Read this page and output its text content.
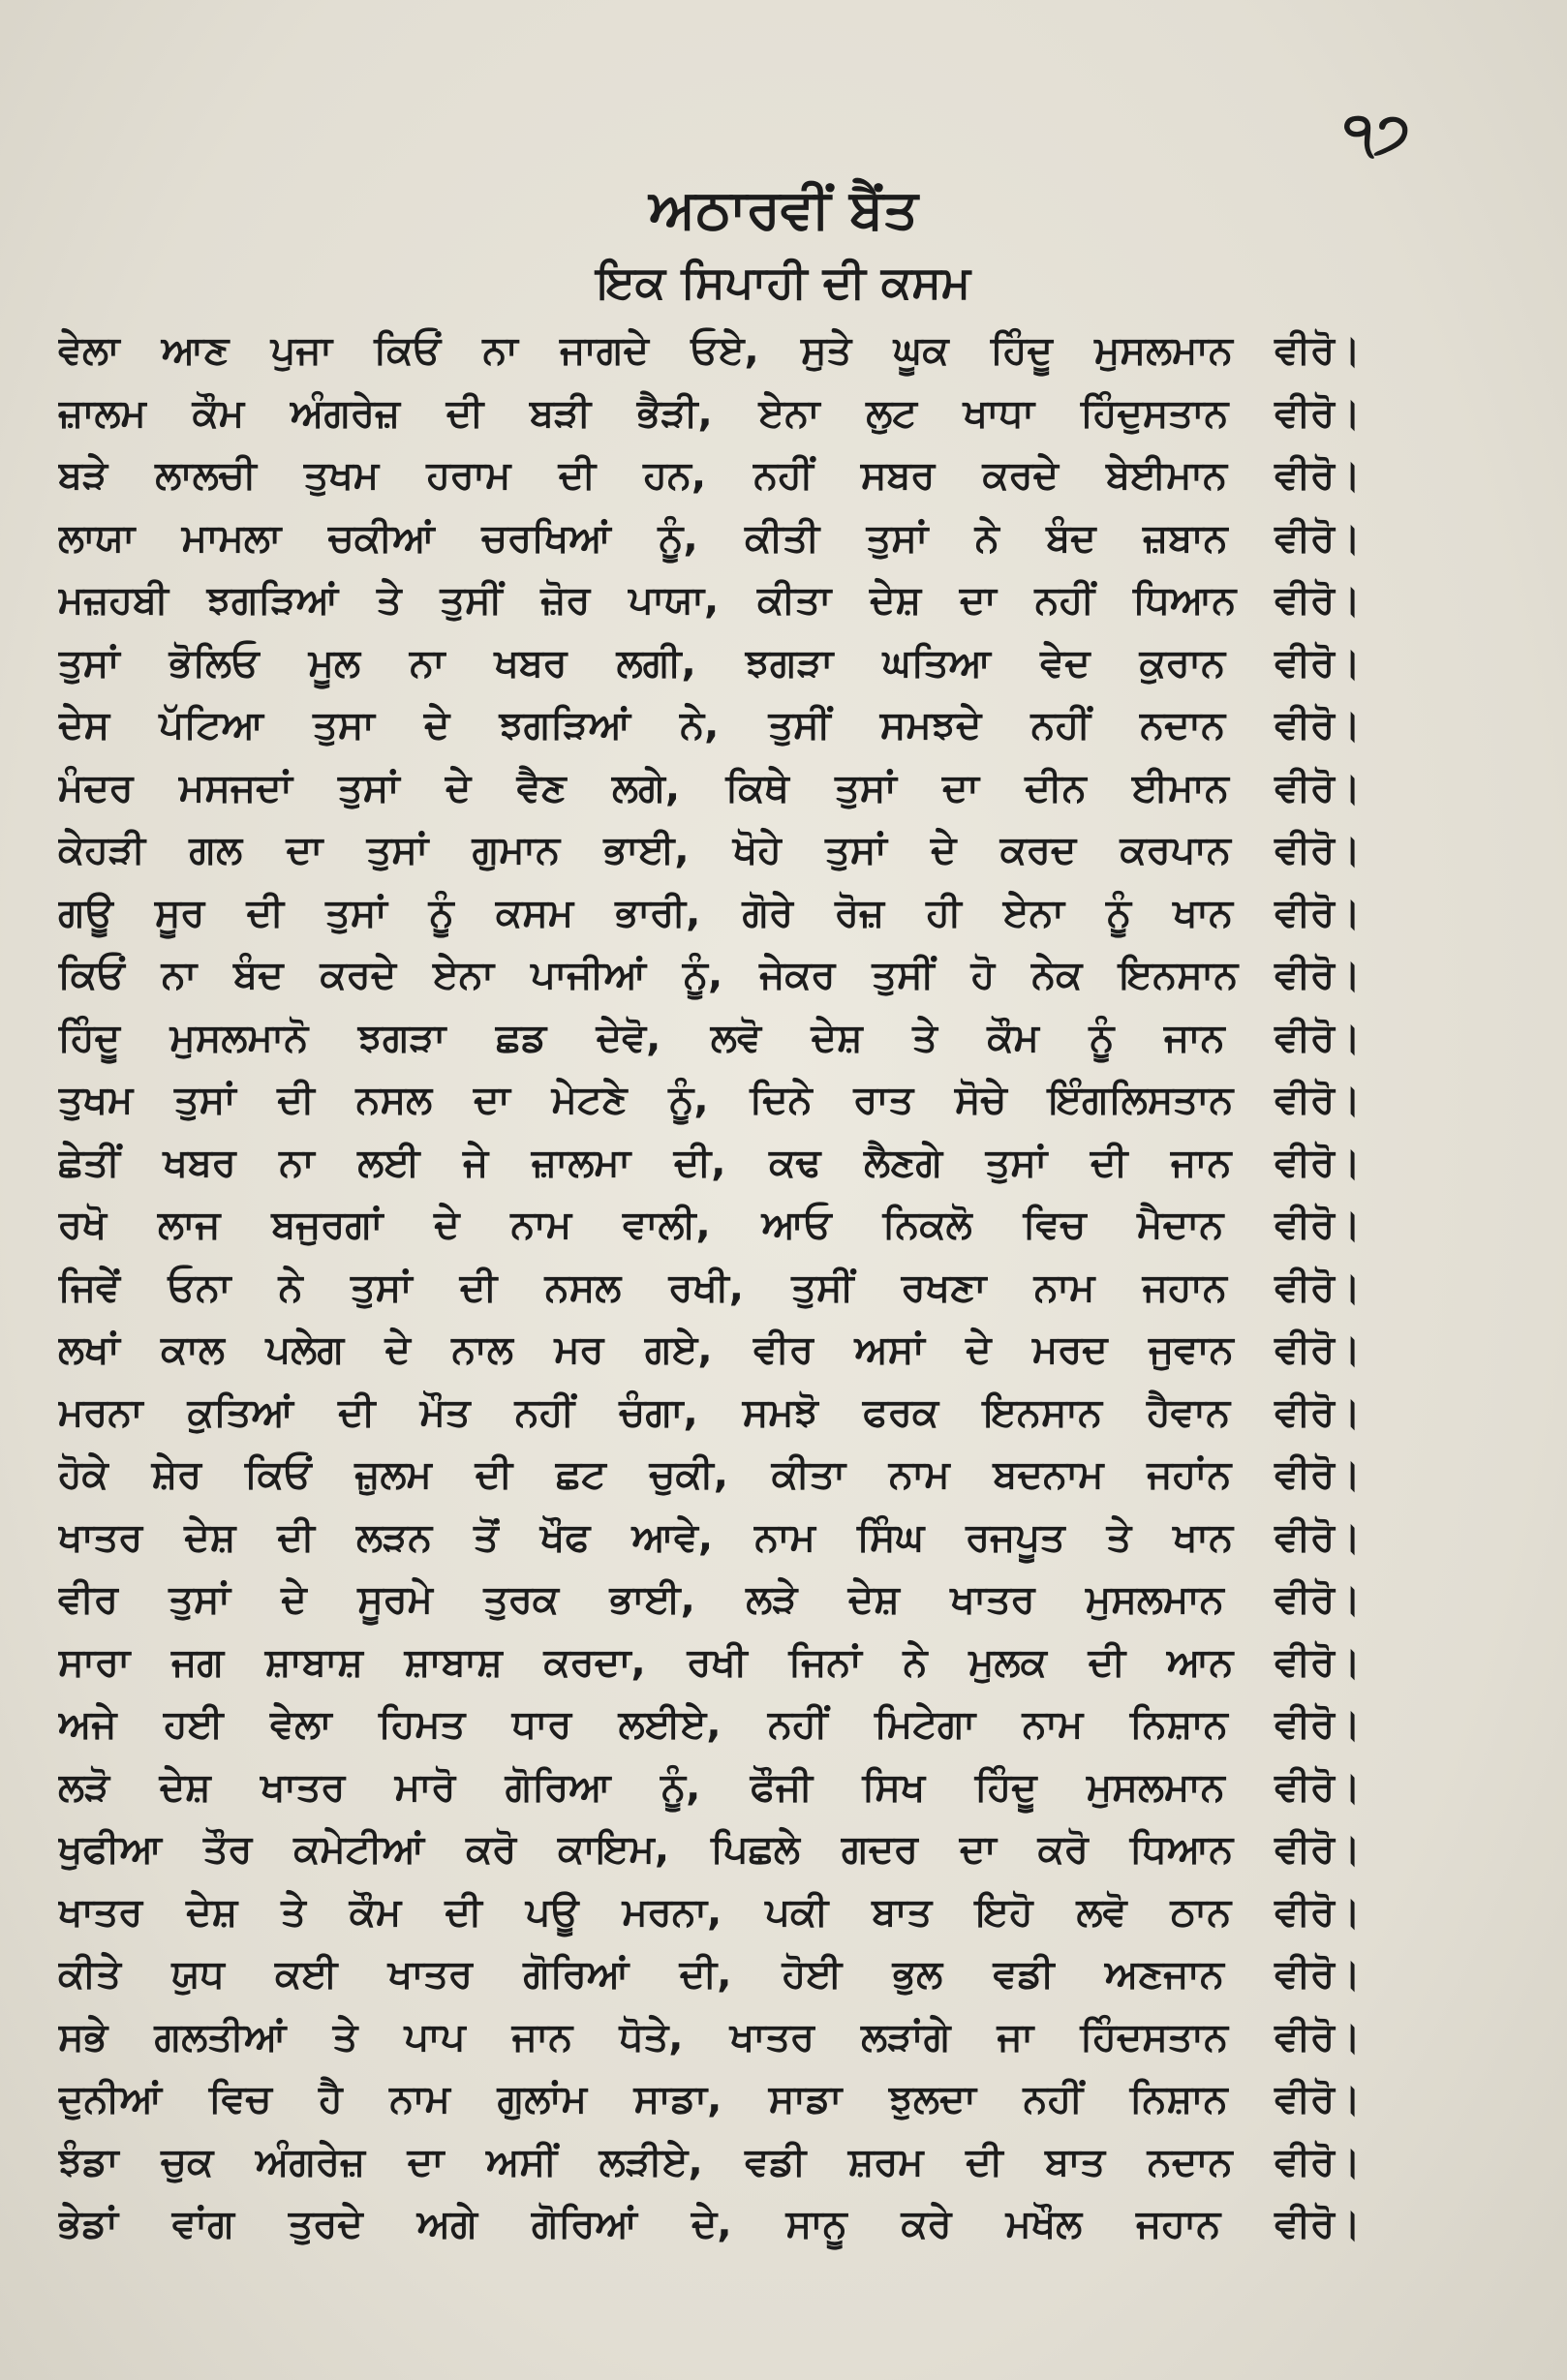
੧੭
ਅਠਾਰਵੀਂ ਬੈਂਤ
ਇਕ ਸਿਪਾਹੀ ਦੀ ਕਸਮ
ਵੇਲਾ ਆਣ ਪੁਜਾ ਕਿਓਂ ਨਾ ਜਾਗਦੇ ਓਏ, ਸੁਤੇ ਘੂਕ ਹਿੰਦੂ ਮੁਸਲਮਾਨ ਵੀਰੋ।
ਜ਼ਾਲਮ ਕੌਮ ਅੰਗਰੇਜ਼ ਦੀ ਬੜੀ ਭੈੜੀ, ਏਨਾ ਲੁਟ ਖਾਧਾ ਹਿੰਦੁਸਤਾਨ ਵੀਰੋ।
ਬੜੇ ਲਾਲਚੀ ਤੁਖਮ ਹਰਾਮ ਦੀ ਹਨ, ਨਹੀਂ ਸਬਰ ਕਰਦੇ ਬੇਈਮਾਨ ਵੀਰੋ।
ਲਾਯਾ ਮਾਮਲਾ ਚਕੀਆਂ ਚਰਖਿਆਂ ਨੂੰ, ਕੀਤੀ ਤੁਸਾਂ ਨੇ ਬੰਦ ਜ਼ਬਾਨ ਵੀਰੋ।
ਮਜ਼ਹਬੀ ਝਗੜਿਆਂ ਤੇ ਤੁਸੀਂ ਜ਼ੋਰ ਪਾਯਾ, ਕੀਤਾ ਦੇਸ਼ ਦਾ ਨਹੀਂ ਧਿਆਨ ਵੀਰੋ।
ਤੁਸਾਂ ਭੋਲਿਓ ਮੂਲ ਨਾ ਖਬਰ ਲਗੀ, ਝਗੜਾ ਘਤਿਆ ਵੇਦ ਕੁਰਾਨ ਵੀਰੋ।
ਦੇਸ ਪੱਟਿਆ ਤੁਸਾ ਦੇ ਝਗੜਿਆਂ ਨੇ, ਤੁਸੀਂ ਸਮਝਦੇ ਨਹੀਂ ਨਦਾਨ ਵੀਰੋ।
ਮੰਦਰ ਮਸਜਦਾਂ ਤੁਸਾਂ ਦੇ ਵੈਣ ਲਗੇ, ਕਿਥੇ ਤੁਸਾਂ ਦਾ ਦੀਨ ਈਮਾਨ ਵੀਰੋ।
ਕੇਹੜੀ ਗਲ ਦਾ ਤੁਸਾਂ ਗੁਮਾਨ ਭਾਈ, ਖੋਹੇ ਤੁਸਾਂ ਦੇ ਕਰਦ ਕਰਪਾਨ ਵੀਰੋ।
ਗਊ ਸੂਰ ਦੀ ਤੁਸਾਂ ਨੂੰ ਕਸਮ ਭਾਰੀ, ਗੋਰੇ ਰੋਜ਼ ਹੀ ਏਨਾ ਨੂੰ ਖਾਨ ਵੀਰੋ।
ਕਿਓਂ ਨਾ ਬੰਦ ਕਰਦੇ ਏਨਾ ਪਾਜੀਆਂ ਨੂੰ, ਜੇਕਰ ਤੁਸੀਂ ਹੋ ਨੇਕ ਇਨਸਾਨ ਵੀਰੋ।
ਹਿੰਦੂ ਮੁਸਲਮਾਨੋ ਝਗੜਾ ਛਡ ਦੇਵੋ, ਲਵੋ ਦੇਸ਼ ਤੇ ਕੌਮ ਨੂੰ ਜਾਨ ਵੀਰੋ।
ਤੁਖਮ ਤੁਸਾਂ ਦੀ ਨਸਲ ਦਾ ਮੇਟਣੇ ਨੂੰ, ਦਿਨੇ ਰਾਤ ਸੋਚੇ ਇੰਗਲਿਸਤਾਨ ਵੀਰੋ।
ਛੇਤੀਂ ਖਬਰ ਨਾ ਲਈ ਜੇ ਜ਼ਾਲਮਾ ਦੀ, ਕਢ ਲੈਣਗੇ ਤੁਸਾਂ ਦੀ ਜਾਨ ਵੀਰੋ।
ਰਖੋ ਲਾਜ ਬਜੁਰਗਾਂ ਦੇ ਨਾਮ ਵਾਲੀ, ਆਓ ਨਿਕਲੋ ਵਿਚ ਮੈਦਾਨ ਵੀਰੋ।
ਜਿਵੇਂ ਓਨਾ ਨੇ ਤੁਸਾਂ ਦੀ ਨਸਲ ਰਖੀ, ਤੁਸੀਂ ਰਖਣਾ ਨਾਮ ਜਹਾਨ ਵੀਰੋ।
ਲਖਾਂ ਕਾਲ ਪਲੇਗ ਦੇ ਨਾਲ ਮਰ ਗਏ, ਵੀਰ ਅਸਾਂ ਦੇ ਮਰਦ ਜੁਵਾਨ ਵੀਰੋ।
ਮਰਨਾ ਕੁਤਿਆਂ ਦੀ ਮੌਤ ਨਹੀਂ ਚੰਗਾ, ਸਮਝੋ ਫਰਕ ਇਨਸਾਨ ਹੈਵਾਨ ਵੀਰੋ।
ਹੋਕੇ ਸ਼ੇਰ ਕਿਓਂ ਜ਼ੁਲਮ ਦੀ ਛਟ ਚੁਕੀ, ਕੀਤਾ ਨਾਮ ਬਦਨਾਮ ਜਹਾਂਨ ਵੀਰੋ।
ਖਾਤਰ ਦੇਸ਼ ਦੀ ਲੜਨ ਤੋਂ ਖੌਫ ਆਵੇ, ਨਾਮ ਸਿੰਘ ਰਜਪੂਤ ਤੇ ਖਾਨ ਵੀਰੋ।
ਵੀਰ ਤੁਸਾਂ ਦੇ ਸੂਰਮੇ ਤੁਰਕ ਭਾਈ, ਲੜੇ ਦੇਸ਼ ਖਾਤਰ ਮੁਸਲਮਾਨ ਵੀਰੋ।
ਸਾਰਾ ਜਗ ਸ਼ਾਬਾਸ਼ ਸ਼ਾਬਾਸ਼ ਕਰਦਾ, ਰਖੀ ਜਿਨਾਂ ਨੇ ਮੁਲਕ ਦੀ ਆਨ ਵੀਰੋ।
ਅਜੇ ਹਈ ਵੇਲਾ ਹਿਮਤ ਧਾਰ ਲਈਏ, ਨਹੀਂ ਮਿਟੇਗਾ ਨਾਮ ਨਿਸ਼ਾਨ ਵੀਰੋ।
ਲੜੋ ਦੇਸ਼ ਖਾਤਰ ਮਾਰੋ ਗੋਰਿਆ ਨੂੰ, ਫੌਜੀ ਸਿਖ ਹਿੰਦੂ ਮੁਸਲਮਾਨ ਵੀਰੋ।
ਖੁਫੀਆ ਤੌਰ ਕਮੇਟੀਆਂ ਕਰੋ ਕਾਇਮ, ਪਿਛਲੇ ਗਦਰ ਦਾ ਕਰੋ ਧਿਆਨ ਵੀਰੋ।
ਖਾਤਰ ਦੇਸ਼ ਤੇ ਕੌਮ ਦੀ ਪਊ ਮਰਨਾ, ਪਕੀ ਬਾਤ ਇਹੋ ਲਵੋ ਠਾਨ ਵੀਰੋ।
ਕੀਤੇ ਯੁਧ ਕਈ ਖਾਤਰ ਗੋਰਿਆਂ ਦੀ, ਹੋਈ ਭੁਲ ਵਡੀ ਅਣਜਾਨ ਵੀਰੋ।
ਸਭੇ ਗਲਤੀਆਂ ਤੇ ਪਾਪ ਜਾਨ ਧੋਤੇ, ਖਾਤਰ ਲੜਾਂਗੇ ਜਾ ਹਿੰਦਸਤਾਨ ਵੀਰੋ।
ਦੁਨੀਆਂ ਵਿਚ ਹੈ ਨਾਮ ਗੁਲਾਂਮ ਸਾਡਾ, ਸਾਡਾ ਝੁਲਦਾ ਨਹੀਂ ਨਿਸ਼ਾਨ ਵੀਰੋ।
ਝੰਡਾ ਚੁਕ ਅੰਗਰੇਜ਼ ਦਾ ਅਸੀਂ ਲੜੀਏ, ਵਡੀ ਸ਼ਰਮ ਦੀ ਬਾਤ ਨਦਾਨ ਵੀਰੋ।
ਭੇਡਾਂ ਵਾਂਗ ਤੁਰਦੇ ਅਗੇ ਗੋਰਿਆਂ ਦੇ, ਸਾਨੂ ਕਰੇ ਮਖੌਲ ਜਹਾਨ ਵੀਰੋ।
